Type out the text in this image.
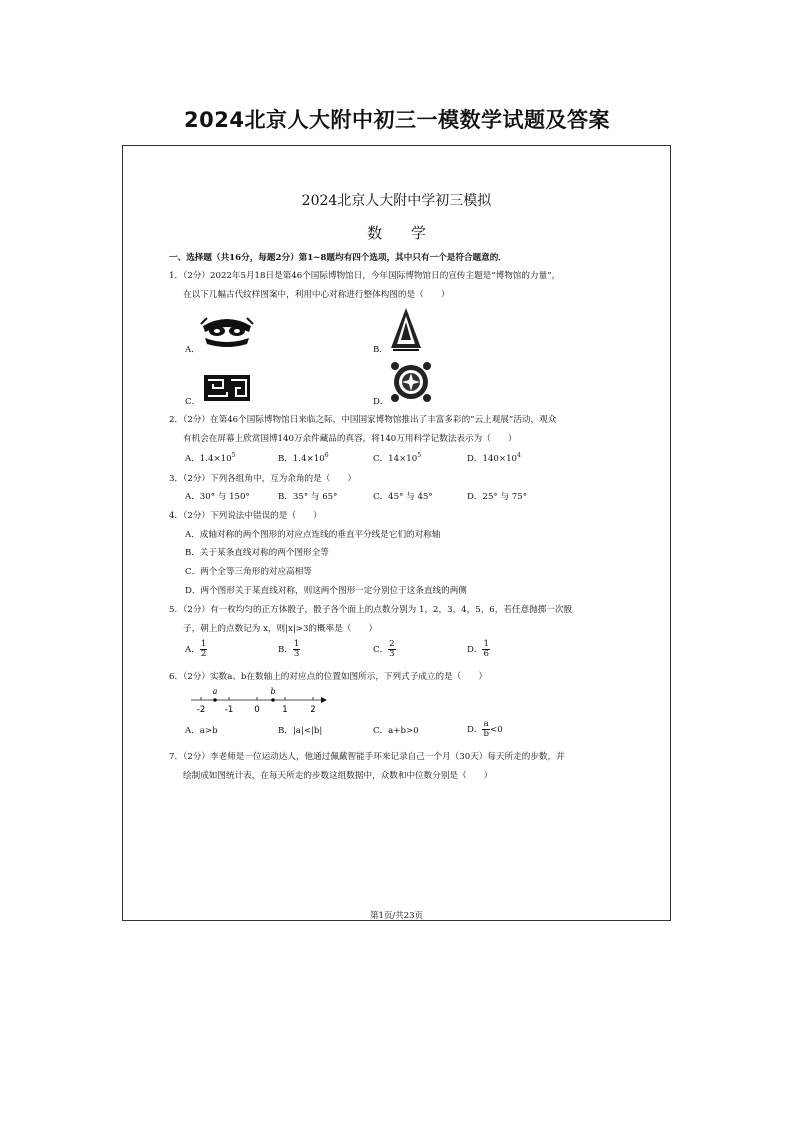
2024北京人大附中初三一模数学试题及答案
2024北京人大附中学初三模拟
数 学
一、选择题（共16分，每题2分）第1~8题均有四个选项，其中只有一个是符合题意的．
1．（2分）2022年5月18日是第46个国际博物馆日，今年国际博物馆日的宣传主题是“博物馆的力量”，
在以下几幅古代纹样图案中，利用中心对称进行整体构图的是（　　）
A．	B．
C．	D．
2．（2分）在第46个国际博物馆日来临之际，中国国家博物馆推出了丰富多彩的“云上观展”活动，观众
有机会在屏幕上欣赏国博140万余件藏品的真容，将140万用科学记数法表示为（　　）
A．$1.4\times 10^5$	B．$1.4\times 10^6$	C．$14\times 10^5$	D．$140\times 10^4$
3．（2分）下列各组角中，互为余角的是（　　）
A．30° 与 150°	B．35° 与 65°	C．45° 与 45°	D．25° 与 75°
4．（2分）下列说法中错误的是（　　）
A．成轴对称的两个图形的对应点连线的垂直平分线是它们的对称轴
B．关于某条直线对称的两个图形全等
C．两个全等三角形的对应高相等
D．两个图形关于某直线对称，则这两个图形一定分别位于这条直线的两侧
5．（2分）有一枚均匀的正方体骰子，骰子各个面上的点数分别为 1，2，3，4，5，6，若任意抛掷一次骰
子，朝上的点数记为 x，则|x|>3的概率是（　　）
A． $\frac{1}{2}$	B． $\frac{1}{3}$	C． $\frac{2}{3}$	D． $\frac{1}{6}$
6．（2分）实数a、b在数轴上的对应点的位置如图所示，下列式子成立的是（　　）
a	b
-2 -1 0	1	2
A．a>b	B．|a|<|b|	C．a+b>0	D． $\frac{a}{b} <0$
7．（2分）李老师是一位运动达人，他通过佩戴智能手环来记录自己一个月（30天）每天所走的步数，并
绘制成如图统计表，在每天所走的步数这组数据中，众数和中位数分别是（　　）
第1页/共23页
